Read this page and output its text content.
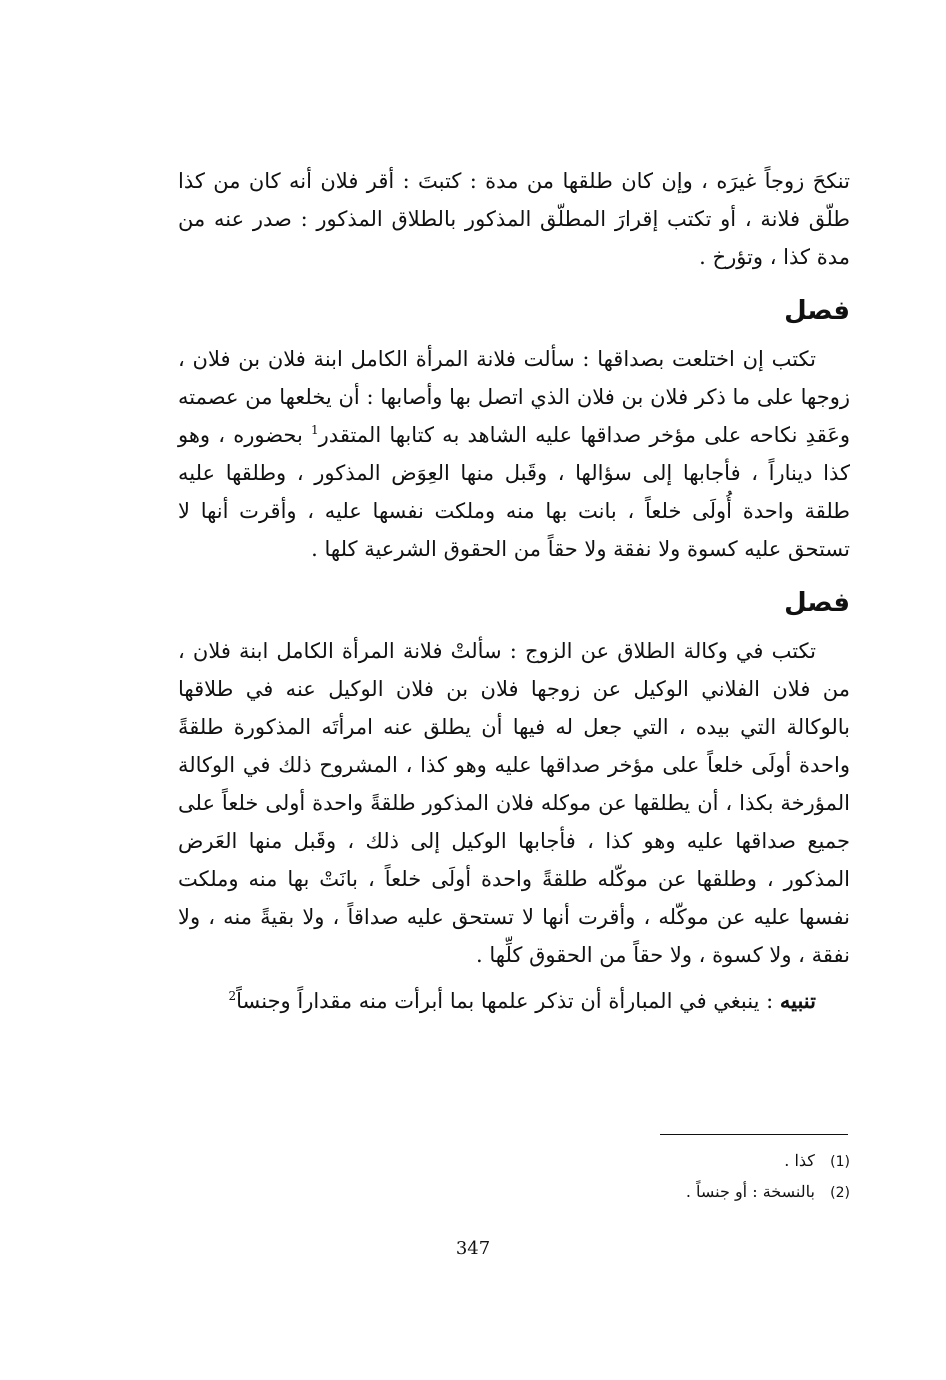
تنكحَ زوجاً غيرَه ، وإن كان طلقها من مدة : كتبتَ : أقر فلان أنه كان من كذا طلّق فلانة ، أو تكتب إقرارَ المطلّق المذكور بالطلاق المذكور : صدر عنه من مدة كذا ، وتؤرخ .

فصل

تكتب إن اختلعت بصداقها : سألت فلانة المرأة الكامل ابنة فلان بن فلان ، زوجها على ما ذكر فلان بن فلان الذي اتصل بها وأصابها : أن يخلعها من عصمته وعَقدِ نكاحه على مؤخر صداقها عليه الشاهد به كتابها المتقدر$^1$ بحضوره ، وهو كذا ديناراً ، فأجابها إلى سؤالها ، وقَبل منها العِوَض المذكور ، وطلقها عليه طلقة واحدة أُولَى خلعاً ، بانت بها منه وملكت نفسها عليه ، وأقرت أنها لا تستحق عليه كسوة ولا نفقة ولا حقاً من الحقوق الشرعية كلها .

فصل

تكتب في وكالة الطلاق عن الزوج : سألتْ فلانة المرأة الكامل ابنة فلان ، من فلان الفلاني الوكيل عن زوجها فلان بن فلان الوكيل عنه في طلاقها بالوكالة التي بيده ، التي جعل له فيها أن يطلق عنه امرأتَه المذكورة طلقةً واحدة أولَى خلعاً على مؤخر صداقها عليه وهو كذا ، المشروح ذلك في الوكالة المؤرخة بكذا ، أن يطلقها عن موكله فلان المذكور طلقةً واحدة أولى خلعاً على جميع صداقها عليه وهو كذا ، فأجابها الوكيل إلى ذلك ، وقَبل منها العَرض المذكور ، وطلقها عن موكّله طلقةً واحدة أولَى خلعاً ، بانَتْ بها منه وملكت نفسها عليه عن موكّله ، وأقرت أنها لا تستحق عليه صداقاً ، ولا بقيةً منه ، ولا نفقة ، ولا كسوة ، ولا حقاً من الحقوق كلِّها .

تنبيه : ينبغي في المبارأة أن تذكر علمها بما أبرأت منه مقداراً وجنساً$^2$

(1) كذا .
(2) بالنسخة : أو جنساً .
347
